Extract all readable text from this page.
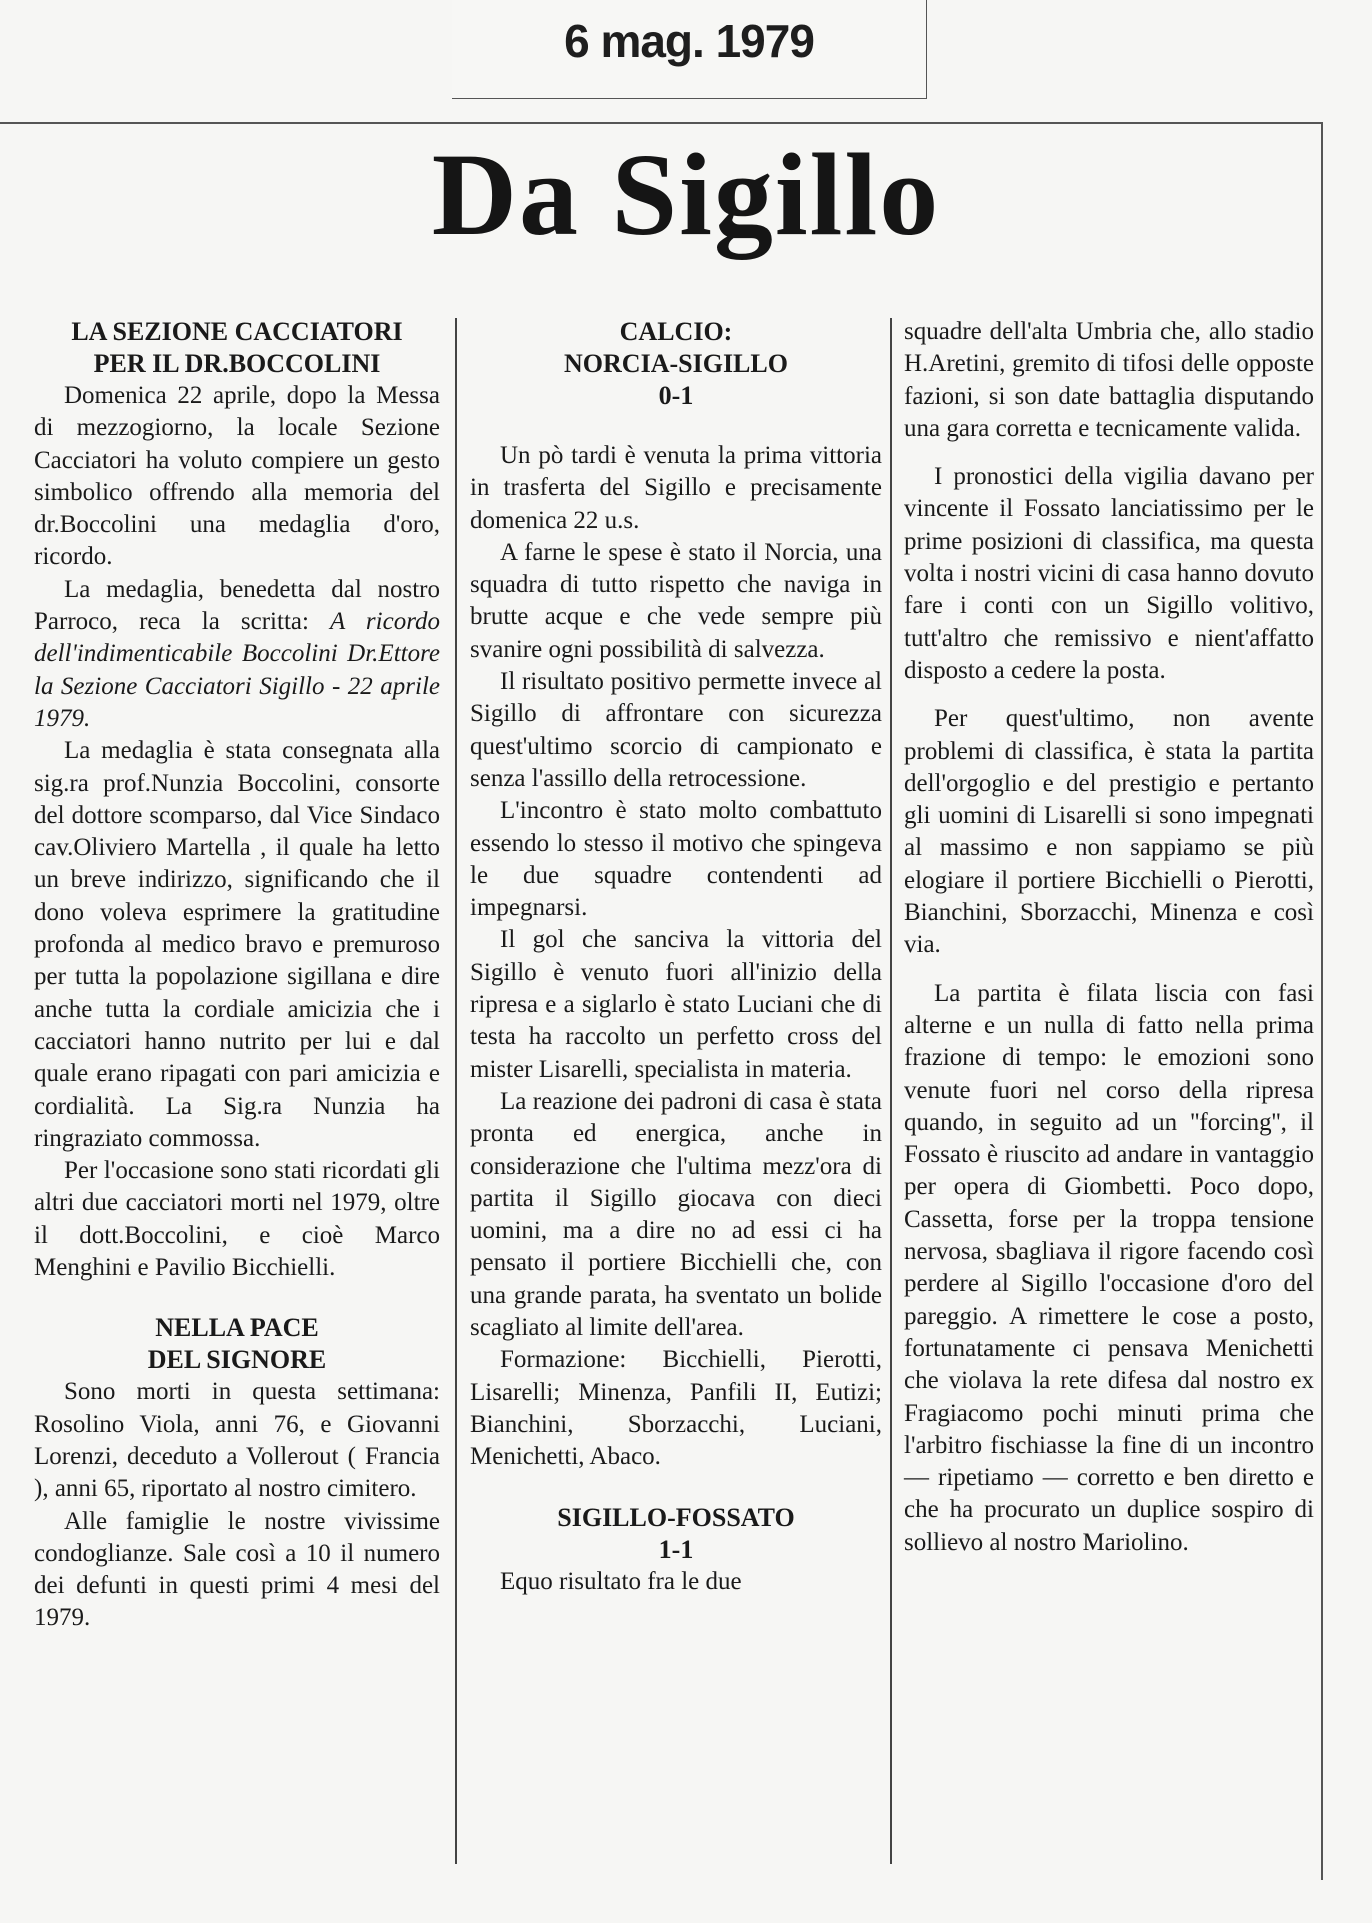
6 mag. 1979
Da Sigillo
LA SEZIONE CACCIATORI
PER IL DR.BOCCOLINI

Domenica 22 aprile, dopo la Messa di mezzogiorno, la locale Sezione Cacciatori ha voluto compiere un gesto simbolico offrendo alla memoria del dr.Boccolini una medaglia d'oro, ricordo.

La medaglia, benedetta dal nostro Parroco, reca la scritta: A ricordo dell'indimenticabile Boccolini Dr.Ettore la Sezione Cacciatori Sigillo - 22 aprile 1979.

La medaglia è stata consegnata alla sig.ra prof.Nunzia Boccolini, consorte del dottore scomparso, dal Vice Sindaco cav.Oliviero Martella , il quale ha letto un breve indirizzo, significando che il dono voleva esprimere la gratitudine profonda al medico bravo e premuroso per tutta la popolazione sigillana e dire anche tutta la cordiale amicizia che i cacciatori hanno nutrito per lui e dal quale erano ripagati con pari amicizia e cordialità. La Sig.ra Nunzia ha ringraziato commossa.

Per l'occasione sono stati ricordati gli altri due cacciatori morti nel 1979, oltre il dott.Boccolini, e cioè Marco Menghini e Pavilio Bicchielli.

NELLA PACE
DEL SIGNORE

Sono morti in questa settimana: Rosolino Viola, anni 76, e Giovanni Lorenzi, deceduto a Vollerout ( Francia ), anni 65, riportato al nostro cimitero.

Alle famiglie le nostre vivissime condoglianze. Sale così a 10 il numero dei defunti in questi primi 4 mesi del 1979.

CALCIO:
NORCIA-SIGILLO
0-1

Un pò tardi è venuta la prima vittoria in trasferta del Sigillo e precisamente domenica 22 u.s.

A farne le spese è stato il Norcia, una squadra di tutto rispetto che naviga in brutte acque e che vede sempre più svanire ogni possibilità di salvezza.

Il risultato positivo permette invece al Sigillo di affrontare con sicurezza quest'ultimo scorcio di campionato e senza l'assillo della retrocessione.

L'incontro è stato molto combattuto essendo lo stesso il motivo che spingeva le due squadre contendenti ad impegnarsi.

Il gol che sanciva la vittoria del Sigillo è venuto fuori all'inizio della ripresa e a siglarlo è stato Luciani che di testa ha raccolto un perfetto cross del mister Lisarelli, specialista in materia.

La reazione dei padroni di casa è stata pronta ed energica, anche in considerazione che l'ultima mezz'ora di partita il Sigillo giocava con dieci uomini, ma a dire no ad essi ci ha pensato il portiere Bicchielli che, con una grande parata, ha sventato un bolide scagliato al limite dell'area.

Formazione: Bicchielli, Pierotti, Lisarelli; Minenza, Panfili II, Eutizi; Bianchini, Sborzacchi, Luciani, Menichetti, Abaco.

SIGILLO-FOSSATO
1-1

Equo risultato fra le due

squadre dell'alta Umbria che, allo stadio H.Aretini, gremito di tifosi delle opposte fazioni, si son date battaglia disputando una gara corretta e tecnicamente valida.

I pronostici della vigilia davano per vincente il Fossato lanciatissimo per le prime posizioni di classifica, ma questa volta i nostri vicini di casa hanno dovuto fare i conti con un Sigillo volitivo, tutt'altro che remissivo e nient'affatto disposto a cedere la posta.

Per quest'ultimo, non avente problemi di classifica, è stata la partita dell'orgoglio e del prestigio e pertanto gli uomini di Lisarelli si sono impegnati al massimo e non sappiamo se più elogiare il portiere Bicchielli o Pierotti, Bianchini, Sborzacchi, Minenza e così via.

La partita è filata liscia con fasi alterne e un nulla di fatto nella prima frazione di tempo: le emozioni sono venute fuori nel corso della ripresa quando, in seguito ad un ''forcing'', il Fossato è riuscito ad andare in vantaggio per opera di Giombetti. Poco dopo, Cassetta, forse per la troppa tensione nervosa, sbagliava il rigore facendo così perdere al Sigillo l'occasione d'oro del pareggio. A rimettere le cose a posto, fortunatamente ci pensava Menichetti che violava la rete difesa dal nostro ex Fragiacomo pochi minuti prima che l'arbitro fischiasse la fine di un incontro — ripetiamo — corretto e ben diretto e che ha procurato un duplice sospiro di sollievo al nostro Mariolino.
